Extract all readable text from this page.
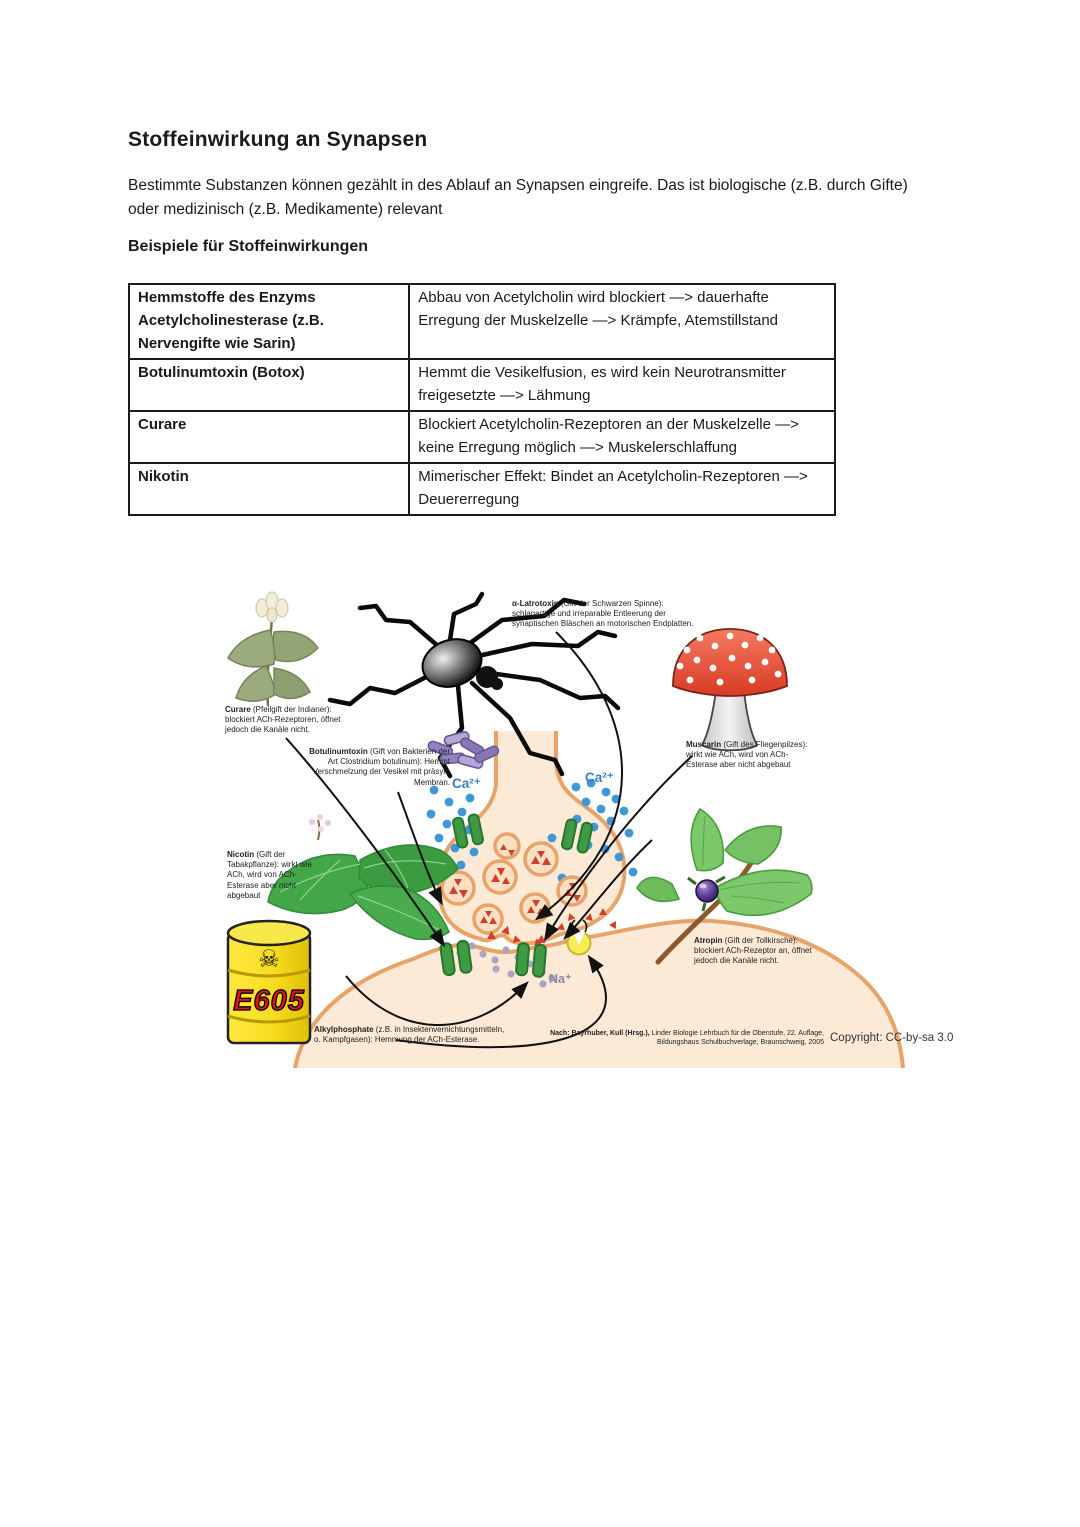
Stoffeinwirkung an Synapsen
Bestimmte Substanzen können gezählt in des Ablauf an Synapsen eingreife. Das ist biologische (z.B. durch Gifte) oder medizinisch (z.B. Medikamente) relevant
Beispiele für Stoffeinwirkungen
Hemmstoffe des Enzyms Acetylcholinesterase (z.B. Nervengifte wie Sarin)	Abbau von Acetylcholin wird blockiert —> dauerhafte Erregung der Muskelzelle —> Krämpfe, Atemstillstand
Botulinumtoxin (Botox)	Hemmt die Vesikelfusion, es wird kein Neurotransmitter freigesetzte —> Lähmung
Curare	Blockiert Acetylcholin-Rezeptoren an der Muskelzelle —> keine Erregung möglich —> Muskelerschlaffung
Nikotin	Mimerischer Effekt: Bindet an Acetylcholin-Rezeptoren —> Deuererregung
☠
E605
α-Latrotoxin (Gift der Schwarzen Spinne): schlagartige und irreparable Entleerung der synaptischen Bläschen an motorischen Endplatten.
Curare (Pfeilgift der Indianer): blockiert ACh-Rezeptoren, öffnet jedoch die Kanäle nicht.
Botulinumtoxin (Gift von Bakterien der Art Clostridium botulinum): Hemmt Verschmelzung der Vesikel mit präsyn. Membran.
Muscarin (Gift des Fliegenpilzes): wirkt wie ACh, wird von ACh-Esterase aber nicht abgebaut
Nicotin (Gift der Tabakpflanze): wirkt wie ACh, wird von ACh-Esterase aber nicht abgebaut
Atropin (Gift der Tollkirsche): blockiert ACh-Rezeptor an, öffnet jedoch die Kanäle nicht.
Alkylphosphate (z.B. in Insektenvernichtungsmitteln, o. Kampfgasen): Hemmung der ACh-Esterase.
Ca²⁺	Ca²⁺
Na⁺
Nach: Bayrhuber, Kull (Hrsg.), Linder Biologie Lehrbuch für die Oberstufe, 22. Auflage, Bildungshaus Schulbuchverlage, Braunschweig, 2005 Copyright: CC-by-sa 3.0
